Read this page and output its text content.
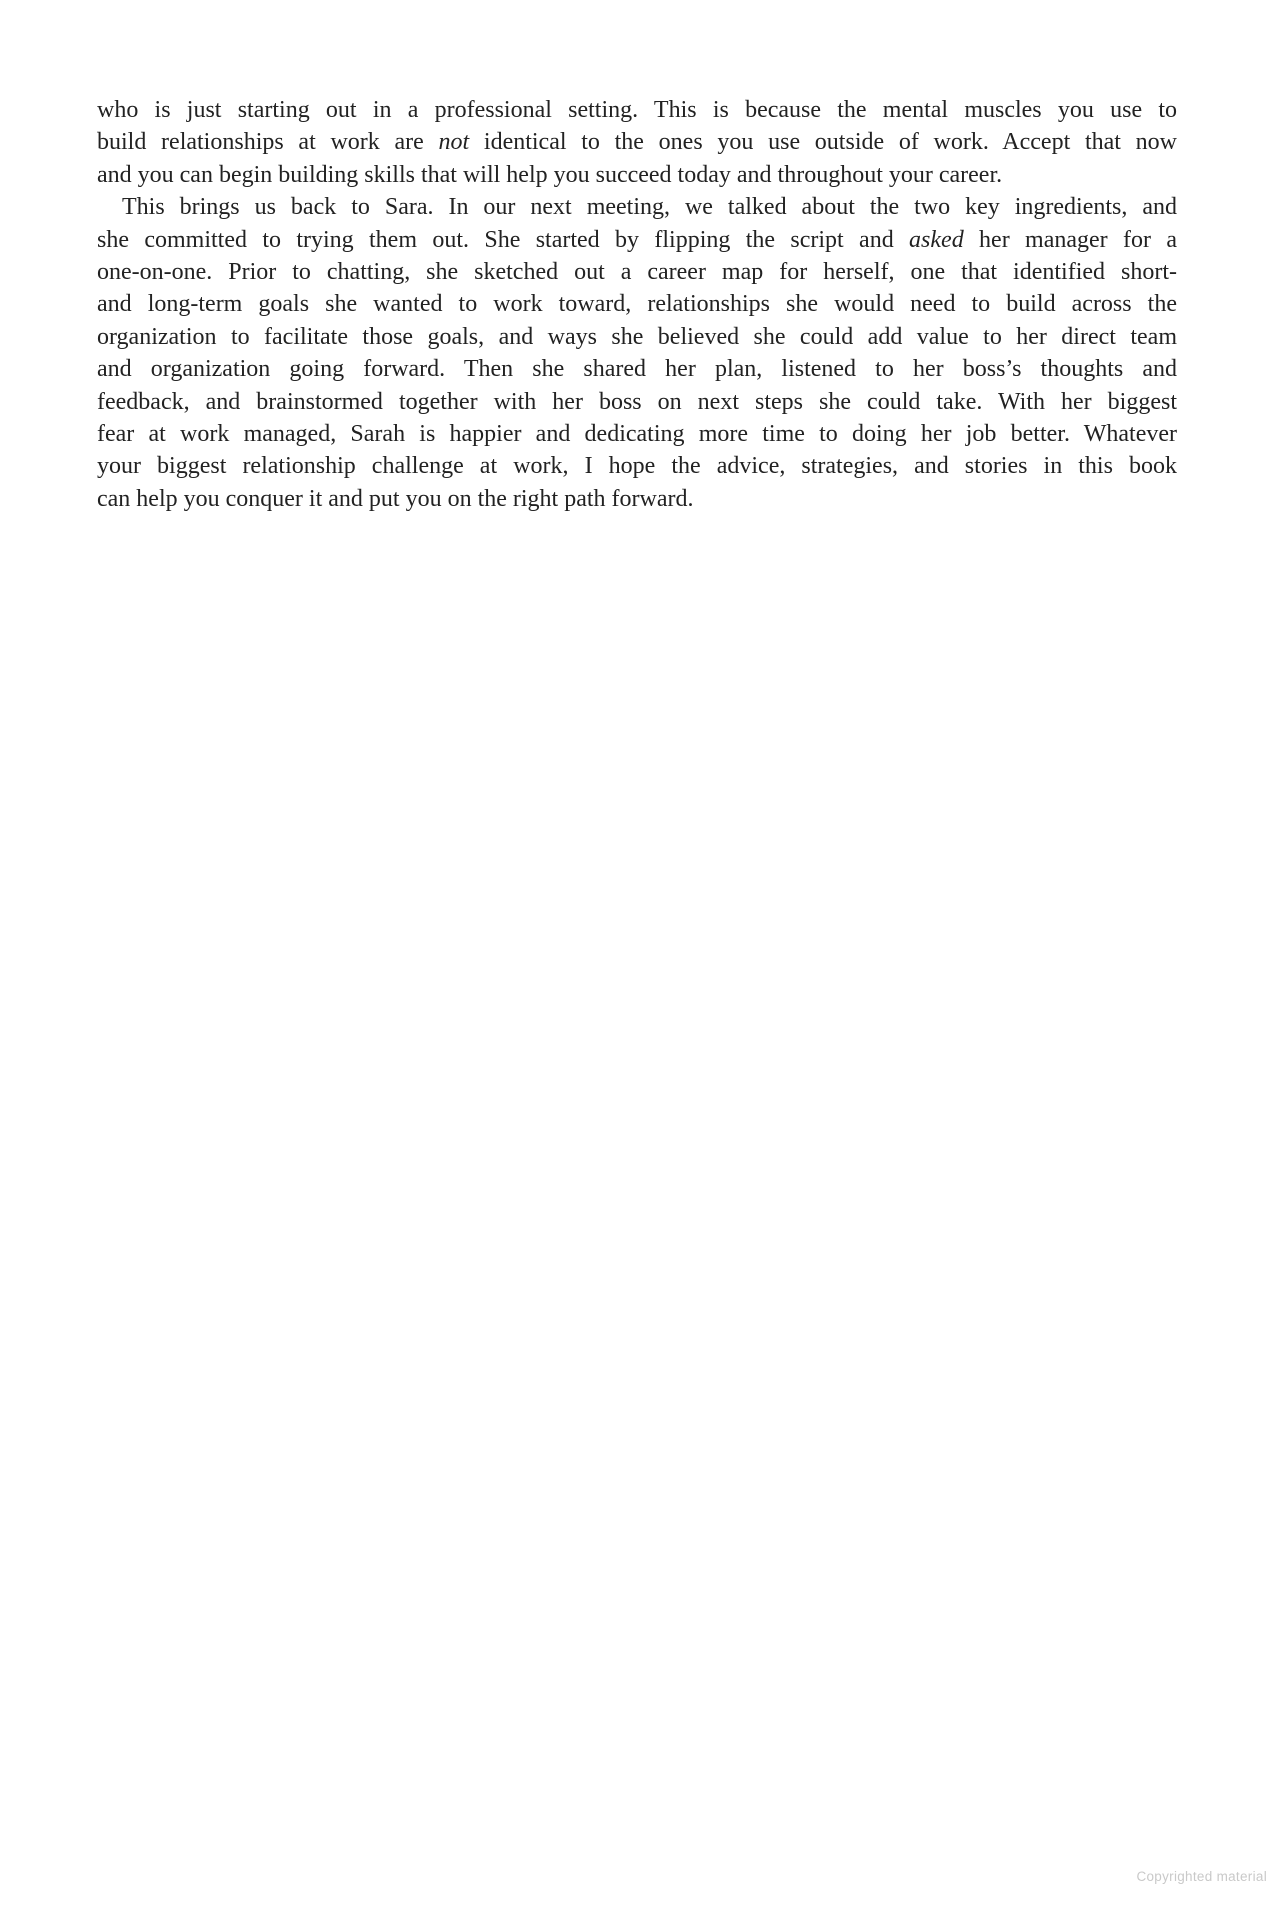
who is just starting out in a professional setting. This is because the mental muscles you use to
build relationships at work are not identical to the ones you use outside of work. Accept that now
and you can begin building skills that will help you succeed today and throughout your career.
This brings us back to Sara. In our next meeting, we talked about the two key ingredients, and
she committed to trying them out. She started by flipping the script and asked her manager for a
one-on-one. Prior to chatting, she sketched out a career map for herself, one that identified short-
and long-term goals she wanted to work toward, relationships she would need to build across the
organization to facilitate those goals, and ways she believed she could add value to her direct team
and organization going forward. Then she shared her plan, listened to her boss’s thoughts and
feedback, and brainstormed together with her boss on next steps she could take. With her biggest
fear at work managed, Sarah is happier and dedicating more time to doing her job better. Whatever
your biggest relationship challenge at work, I hope the advice, strategies, and stories in this book
can help you conquer it and put you on the right path forward.
Copyrighted material
